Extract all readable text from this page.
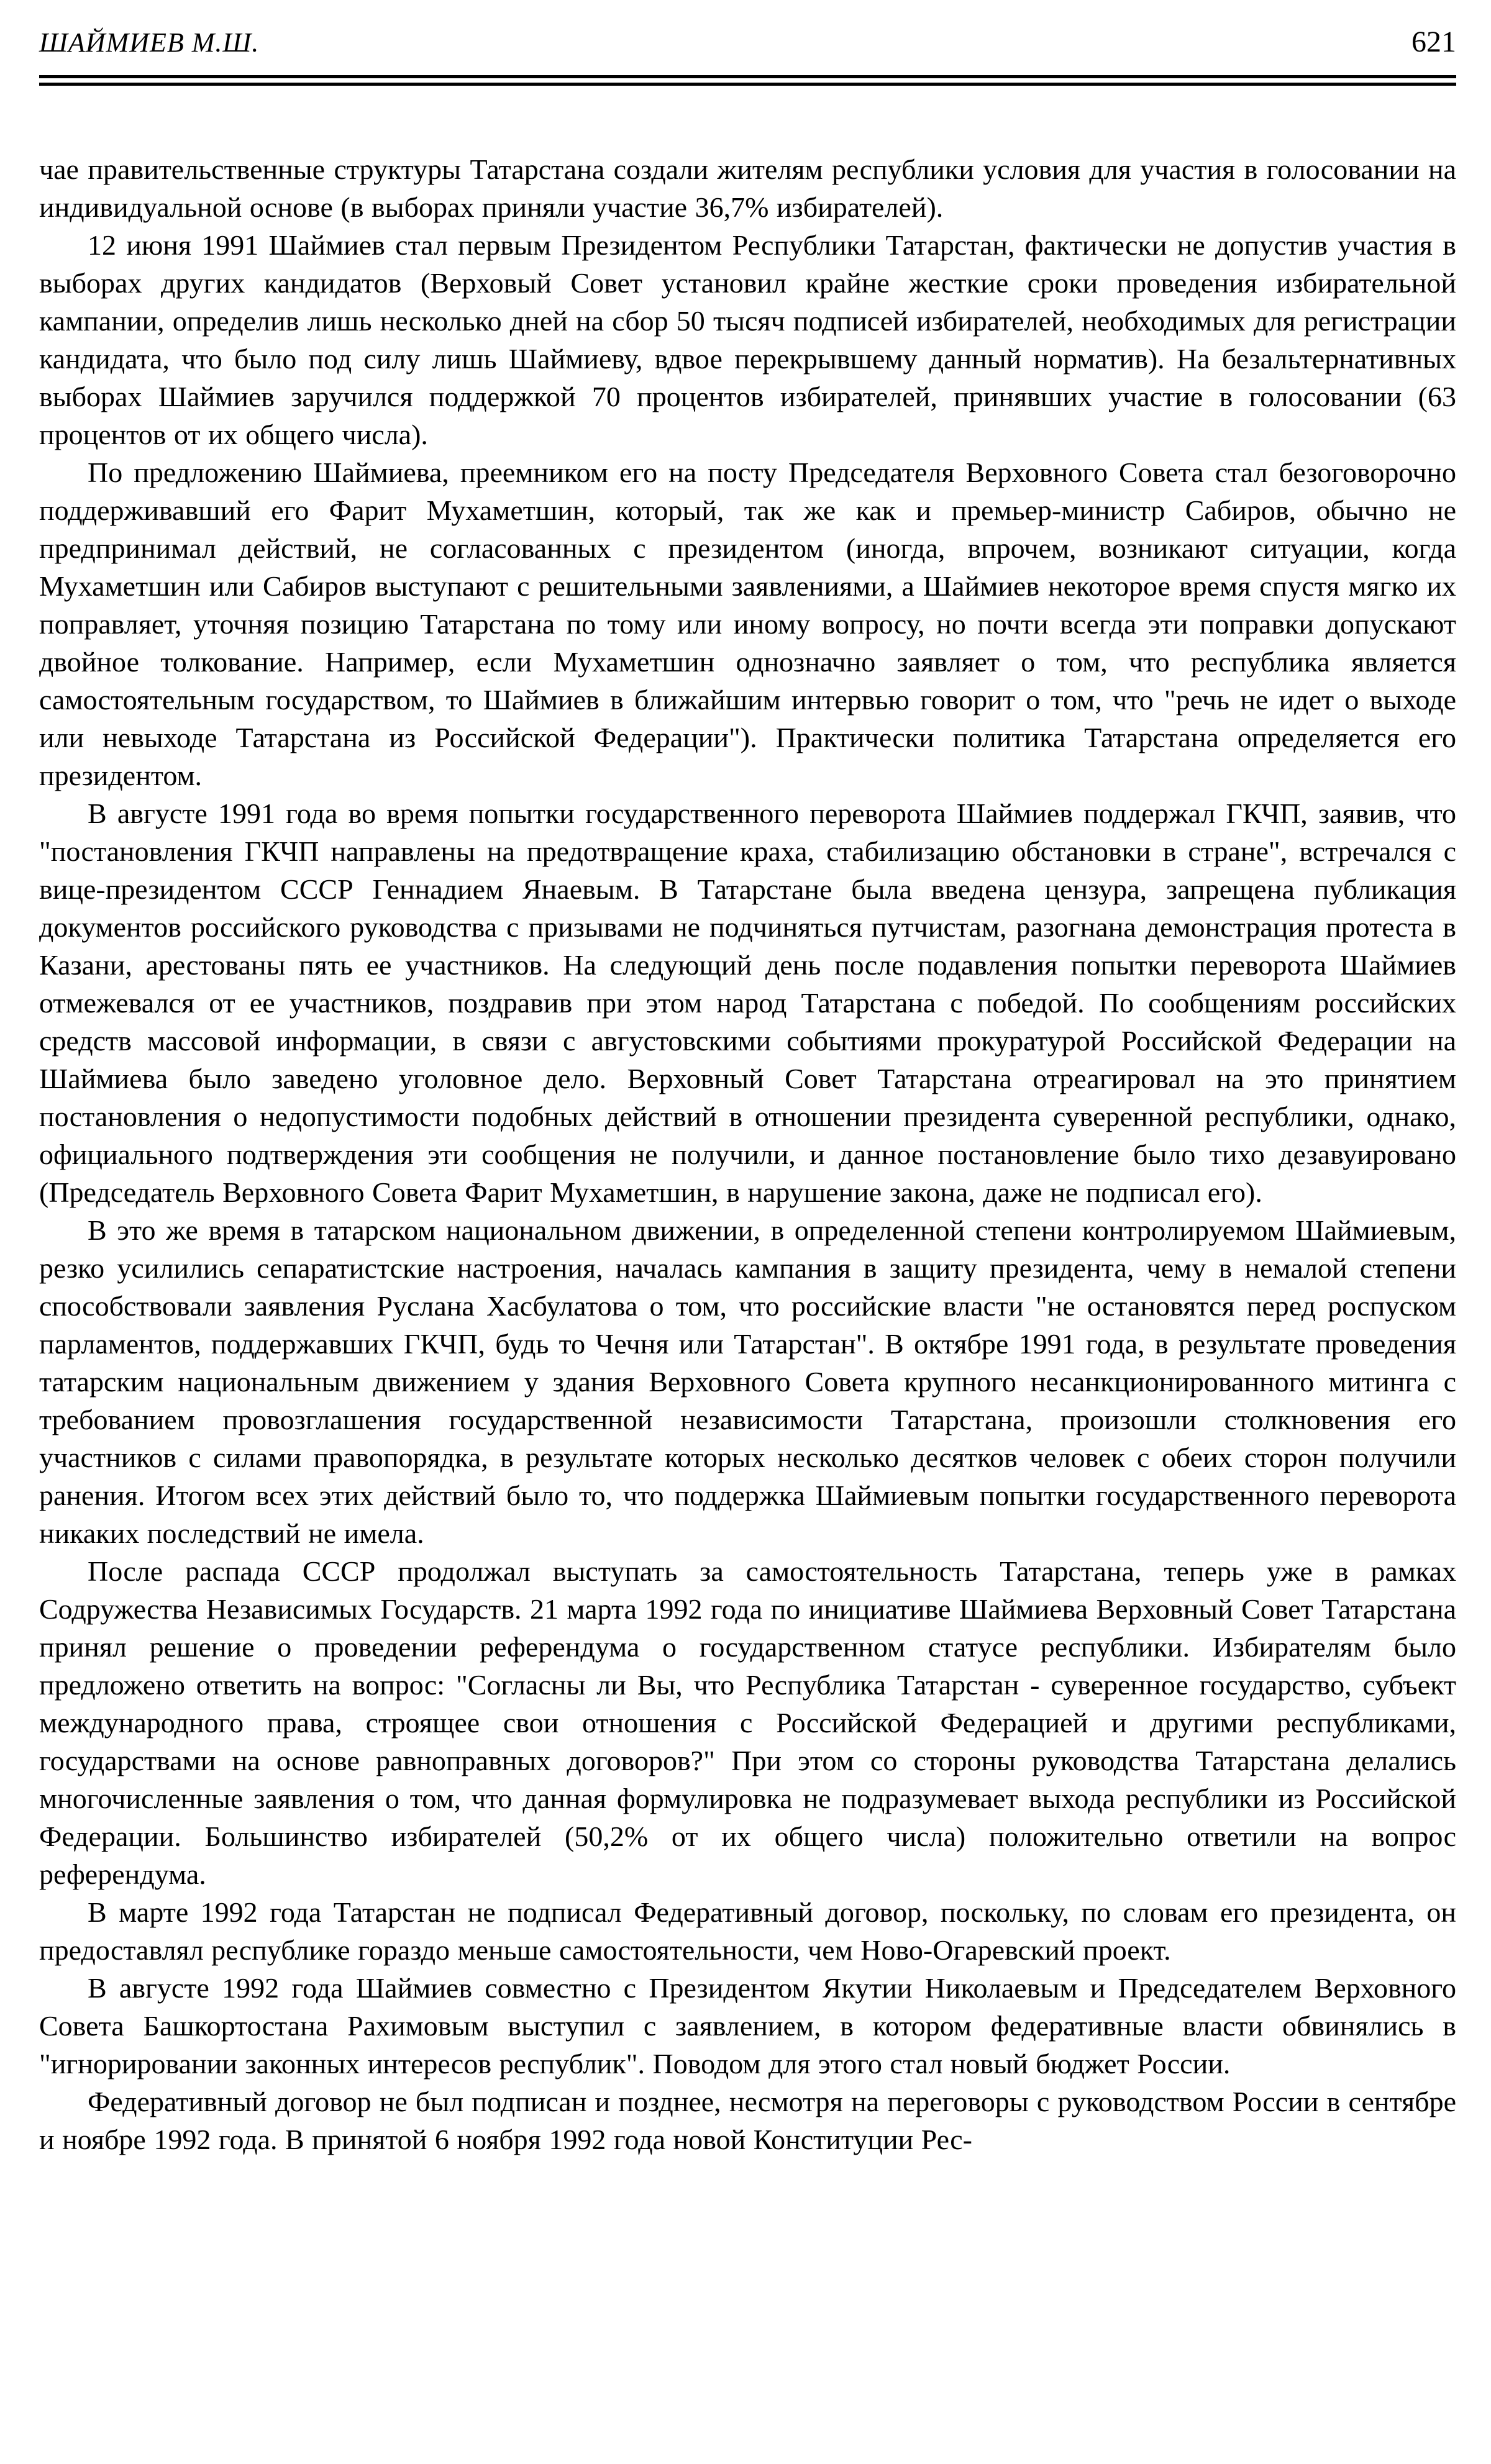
ШАЙМИЕВ М.Ш.	621

чае правительственные структуры Татарстана создали жителям республики условия для участия в голосовании на индивидуальной основе (в выборах приняли участие 36,7% избирателей).

12 июня 1991 Шаймиев стал первым Президентом Республики Татарстан, фактически не допустив участия в выборах других кандидатов (Верховый Совет установил крайне жесткие сроки проведения избирательной кампании, определив лишь несколько дней на сбор 50 тысяч подписей избирателей, необходимых для регистрации кандидата, что было под силу лишь Шаймиеву, вдвое перекрывшему данный норматив). На безальтернативных выборах Шаймиев заручился поддержкой 70 процентов избирателей, принявших участие в голосовании (63 процентов от их общего числа).

По предложению Шаймиева, преемником его на посту Председателя Верховного Совета стал безоговорочно поддерживавший его Фарит Мухаметшин, который, так же как и премьер-министр Сабиров, обычно не предпринимал действий, не согласованных с президентом (иногда, впрочем, возникают ситуации, когда Мухаметшин или Сабиров выступают с решительными заявлениями, а Шаймиев некоторое время спустя мягко их поправляет, уточняя позицию Татарстана по тому или иному вопросу, но почти всегда эти поправки допускают двойное толкование. Например, если Мухаметшин однозначно заявляет о том, что республика является самостоятельным государством, то Шаймиев в ближайшим интервью говорит о том, что "речь не идет о выходе или невыходе Татарстана из Российской Федерации"). Практически политика Татарстана определяется его президентом.

В августе 1991 года во время попытки государственного переворота Шаймиев поддержал ГКЧП, заявив, что "постановления ГКЧП направлены на предотвращение краха, стабилизацию обстановки в стране", встречался с вице-президентом СССР Геннадием Янаевым. В Татарстане была введена цензура, запрещена публикация документов российского руководства с призывами не подчиняться путчистам, разогнана демонстрация протеста в Казани, арестованы пять ее участников. На следующий день после подавления попытки переворота Шаймиев отмежевался от ее участников, поздравив при этом народ Татарстана с победой. По сообщениям российских средств массовой информации, в связи с августовскими событиями прокуратурой Российской Федерации на Шаймиева было заведено уголовное дело. Верховный Совет Татарстана отреагировал на это принятием постановления о недопустимости подобных действий в отношении президента суверенной республики, однако, официального подтверждения эти сообщения не получили, и данное постановление было тихо дезавуировано (Председатель Верховного Совета Фарит Мухаметшин, в нарушение закона, даже не подписал его).

В это же время в татарском национальном движении, в определенной степени контролируемом Шаймиевым, резко усилились сепаратистские настроения, началась кампания в защиту президента, чему в немалой степени способствовали заявления Руслана Хасбулатова о том, что российские власти "не остановятся перед роспуском парламентов, поддержавших ГКЧП, будь то Чечня или Татарстан". В октябре 1991 года, в результате проведения татарским национальным движением у здания Верховного Совета крупного несанкционированного митинга с требованием провозглашения государственной независимости Татарстана, произошли столкновения его участников с силами правопорядка, в результате которых несколько десятков человек с обеих сторон получили ранения. Итогом всех этих действий было то, что поддержка Шаймиевым попытки государственного переворота никаких последствий не имела.

После распада СССР продолжал выступать за самостоятельность Татарстана, теперь уже в рамках Содружества Независимых Государств. 21 марта 1992 года по инициативе Шаймиева Верховный Совет Татарстана принял решение о проведении референдума о государственном статусе республики. Избирателям было предложено ответить на вопрос: "Согласны ли Вы, что Республика Татарстан - суверенное государство, субъект международного права, строящее свои отношения с Российской Федерацией и другими республиками, государствами на основе равноправных договоров?" При этом со стороны руководства Татарстана делались многочисленные заявления о том, что данная формулировка не подразумевает выхода республики из Российской Федерации. Большинство избирателей (50,2% от их общего числа) положительно ответили на вопрос референдума.

В марте 1992 года Татарстан не подписал Федеративный договор, поскольку, по словам его президента, он предоставлял республике гораздо меньше самостоятельности, чем Ново-Огаревский проект.

В августе 1992 года Шаймиев совместно с Президентом Якутии Николаевым и Председателем Верховного Совета Башкортостана Рахимовым выступил с заявлением, в котором федеративные власти обвинялись в "игнорировании законных интересов республик". Поводом для этого стал новый бюджет России.

Федеративный договор не был подписан и позднее, несмотря на переговоры с руководством России в сентябре и ноябре 1992 года. В принятой 6 ноября 1992 года новой Конституции Рес-
